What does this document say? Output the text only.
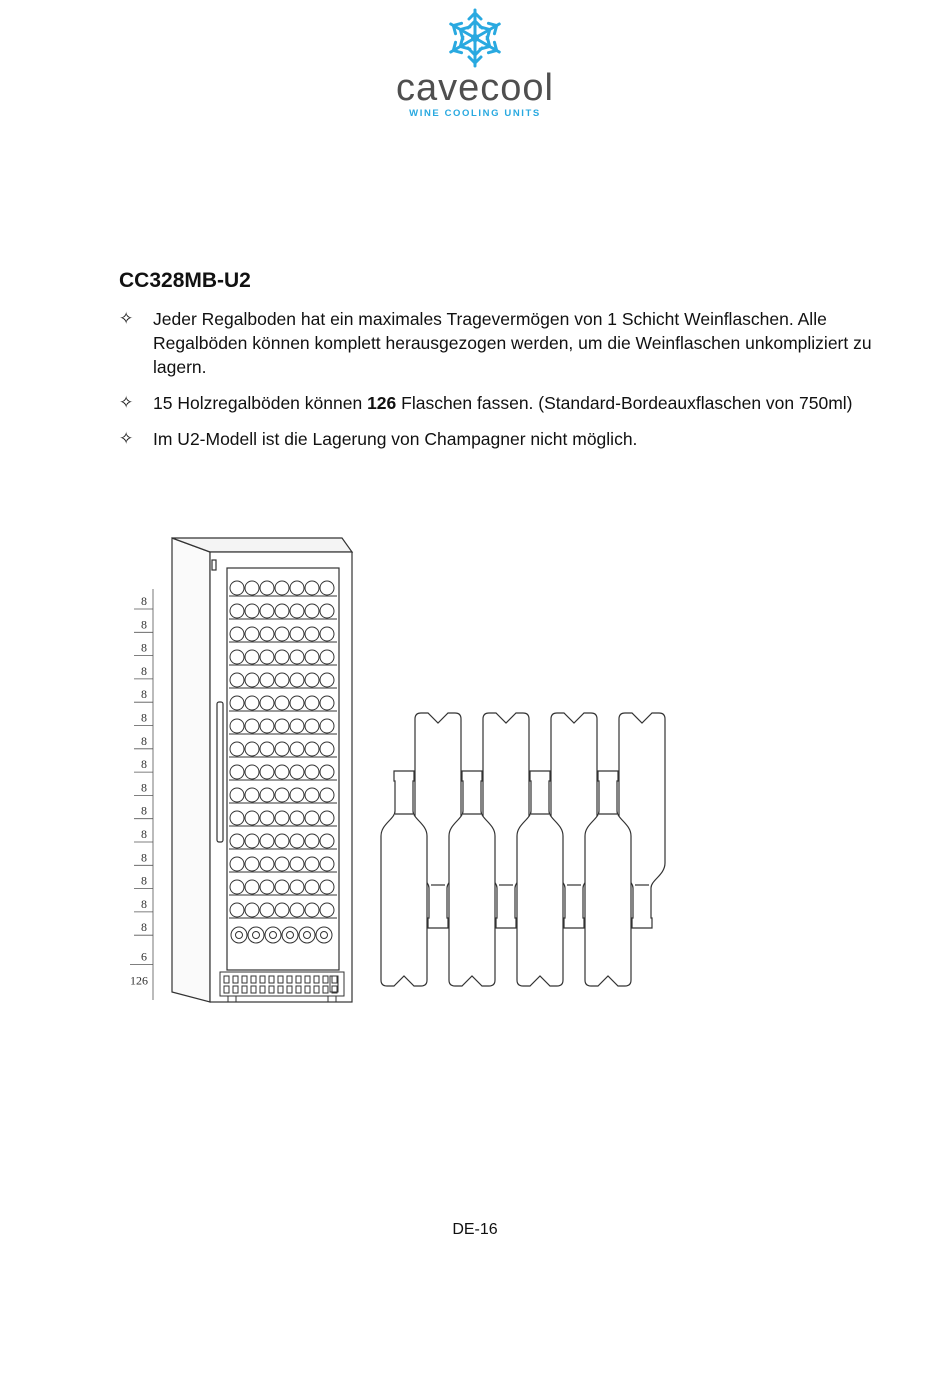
cavecool
WINE COOLING UNITS
CC328MB-U2
✧ Jeder Regalboden hat ein maximales Tragevermögen von 1 Schicht Weinflaschen. Alle Regalböden können komplett herausgezogen werden, um die Weinflaschen unkompliziert zu lagern.
✧ 15 Holzregalböden können 126 Flaschen fassen. (Standard-Bordeauxflaschen von 750ml)
✧ Im U2-Modell ist die Lagerung von Champagner nicht möglich.
8
8
8
8
8
8
8
8
8
8
8
8
8
8
8
6
126
DE-16
